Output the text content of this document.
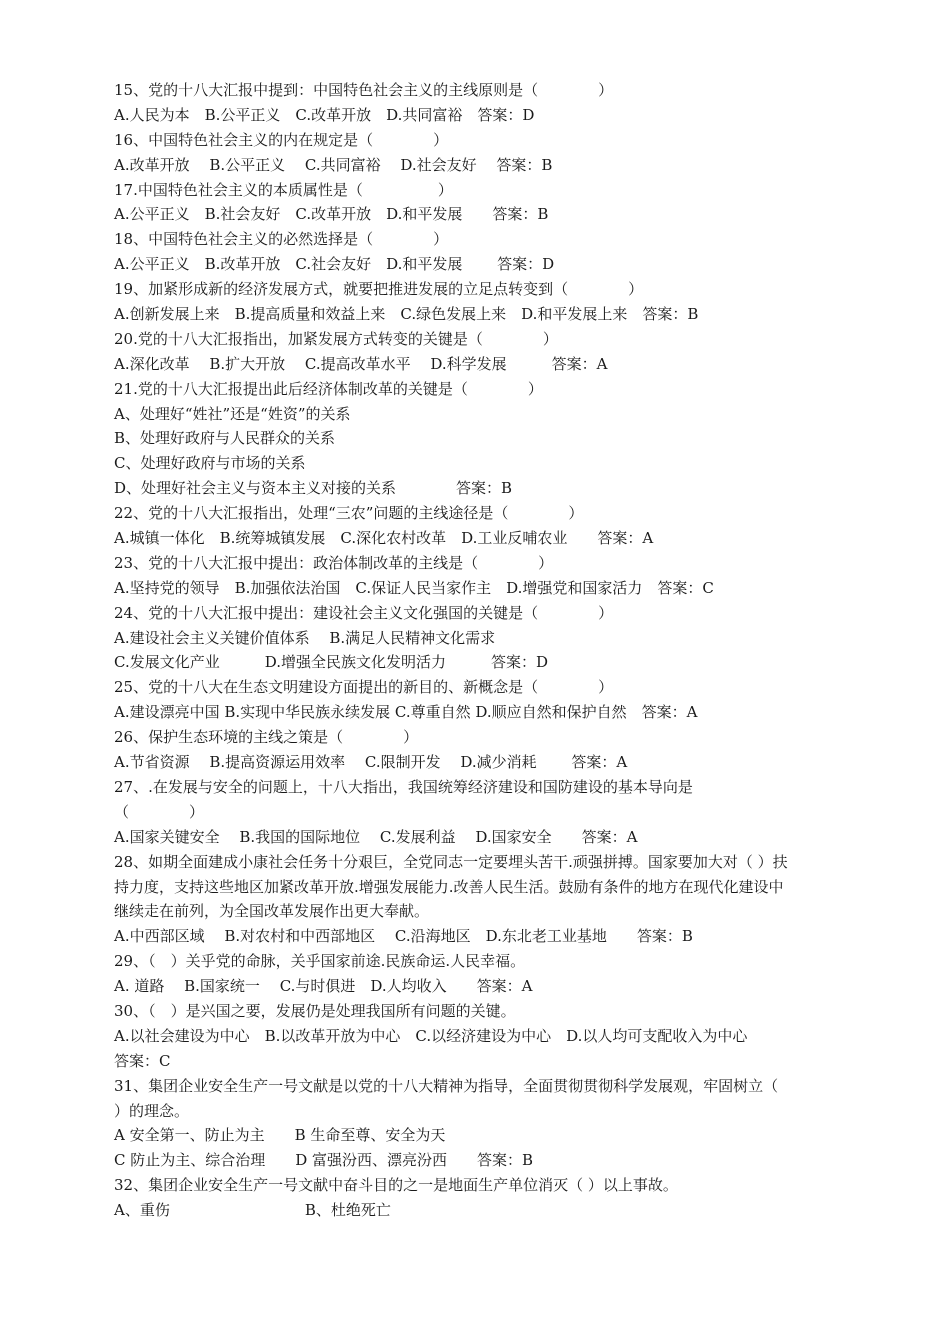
15、党的十八大汇报中提到：中国特色社会主义的主线原则是（　　　　）
A.人民为本　B.公平正义　C.改革开放　D.共同富裕　答案：D
16、中国特色社会主义的内在规定是（　　　　）
A.改革开放　 B.公平正义　 C.共同富裕　 D.社会友好　 答案：B
17.中国特色社会主义的本质属性是（　　　　　）
A.公平正义　B.社会友好　C.改革开放　D.和平发展　　答案：B
18、中国特色社会主义的必然选择是（　　　　）
A.公平正义　B.改革开放　C.社会友好　D.和平发展　　 答案：D
19、加紧形成新的经济发展方式，就要把推进发展的立足点转变到（　　　　）
A.创新发展上来　B.提高质量和效益上来　C.绿色发展上来　D.和平发展上来　答案：B
20.党的十八大汇报指出，加紧发展方式转变的关键是（　　　　）
A.深化改革　 B.扩大开放　 C.提高改革水平　 D.科学发展　　　答案：A
21.党的十八大汇报提出此后经济体制改革的关键是（　　　　）
A、处理好“姓社”还是“姓资”的关系
B、处理好政府与人民群众的关系
C、处理好政府与市场的关系
D、处理好社会主义与资本主义对接的关系　　　　答案：B
22、党的十八大汇报指出，处理“三农”问题的主线途径是（　　　　）
A.城镇一体化　B.统筹城镇发展　C.深化农村改革　D.工业反哺农业　　答案：A
23、党的十八大汇报中提出：政治体制改革的主线是（　　　　）
A.坚持党的领导　B.加强依法治国　C.保证人民当家作主　D.增强党和国家活力　答案：C
24、党的十八大汇报中提出：建设社会主义文化强国的关键是（　　　　）
A.建设社会主义关键价值体系　 B.满足人民精神文化需求
C.发展文化产业　　　D.增强全民族文化发明活力　　　答案：D
25、党的十八大在生态文明建设方面提出的新目的、新概念是（　　　　）
A.建设漂亮中国 B.实现中华民族永续发展 C.尊重自然 D.顺应自然和保护自然　答案：A
26、保护生态环境的主线之策是（　　　　）
A.节省资源　 B.提高资源运用效率　 C.限制开发　 D.减少消耗　　 答案：A
27、.在发展与安全的问题上，十八大指出，我国统筹经济建设和国防建设的基本导向是
（　　　　）
A.国家关键安全　 B.我国的国际地位　 C.发展利益　 D.国家安全　　答案：A
28、如期全面建成小康社会任务十分艰巨，全党同志一定要埋头苦干.顽强拼搏。国家要加大对（ ）扶
持力度，支持这些地区加紧改革开放.增强发展能力.改善人民生活。鼓励有条件的地方在现代化建设中
继续走在前列，为全国改革发展作出更大奉献。
A.中西部区域　 B.对农村和中西部地区　 C.沿海地区　D.东北老工业基地　　答案：B
29、（　）关乎党的命脉，关乎国家前途.民族命运.人民幸福。
A. 道路　 B.国家统一　 C.与时俱进　D.人均收入　　答案：A
30、（　）是兴国之要，发展仍是处理我国所有问题的关键。
A.以社会建设为中心　B.以改革开放为中心　C.以经济建设为中心　D.以人均可支配收入为中心
答案：C
31、集团企业安全生产一号文献是以党的十八大精神为指导，全面贯彻贯彻科学发展观，牢固树立（
）的理念。
A 安全第一、防止为主　　B 生命至尊、安全为天
C 防止为主、综合治理　　D 富强汾西、漂亮汾西　　答案：B
32、集团企业安全生产一号文献中奋斗目的之一是地面生产单位消灭（ ）以上事故。
A、重伤　　　　　　　　　B、杜绝死亡
